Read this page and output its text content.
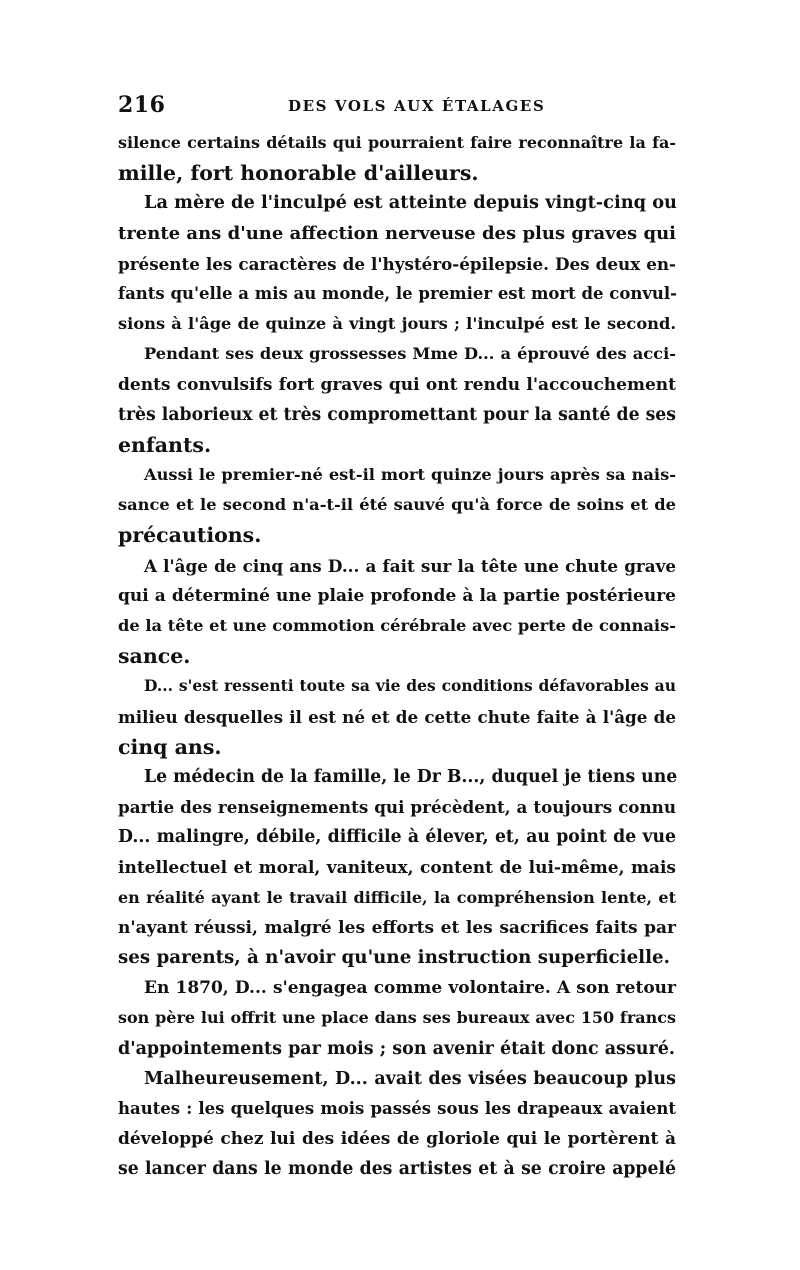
216	DES VOLS AUX ÉTALAGES
silence certains détails qui pourraient faire reconnaître la fa-
mille, fort honorable d'ailleurs.
La mère de l'inculpé est atteinte depuis vingt-cinq ou
trente ans d'une affection nerveuse des plus graves qui
présente les caractères de l'hystéro-épilepsie. Des deux en-
fants qu'elle a mis au monde, le premier est mort de convul-
sions à l'âge de quinze à vingt jours ; l'inculpé est le second.
Pendant ses deux grossesses Mme D... a éprouvé des acci-
dents convulsifs fort graves qui ont rendu l'accouchement
très laborieux et très compromettant pour la santé de ses
enfants.
Aussi le premier-né est-il mort quinze jours après sa nais-
sance et le second n'a-t-il été sauvé qu'à force de soins et de
précautions.
A l'âge de cinq ans D... a fait sur la tête une chute grave
qui a déterminé une plaie profonde à la partie postérieure
de la tête et une commotion cérébrale avec perte de connais-
sance.
D... s'est ressenti toute sa vie des conditions défavorables au
milieu desquelles il est né et de cette chute faite à l'âge de
cinq ans.
Le médecin de la famille, le Dr B..., duquel je tiens une
partie des renseignements qui précèdent, a toujours connu
D... malingre, débile, difficile à élever, et, au point de vue
intellectuel et moral, vaniteux, content de lui-même, mais
en réalité ayant le travail difficile, la compréhension lente, et
n'ayant réussi, malgré les efforts et les sacrifices faits par
ses parents, à n'avoir qu'une instruction superficielle.
En 1870, D... s'engagea comme volontaire. A son retour
son père lui offrit une place dans ses bureaux avec 150 francs
d'appointements par mois ; son avenir était donc assuré.
Malheureusement, D... avait des visées beaucoup plus
hautes : les quelques mois passés sous les drapeaux avaient
développé chez lui des idées de gloriole qui le portèrent à
se lancer dans le monde des artistes et à se croire appelé
